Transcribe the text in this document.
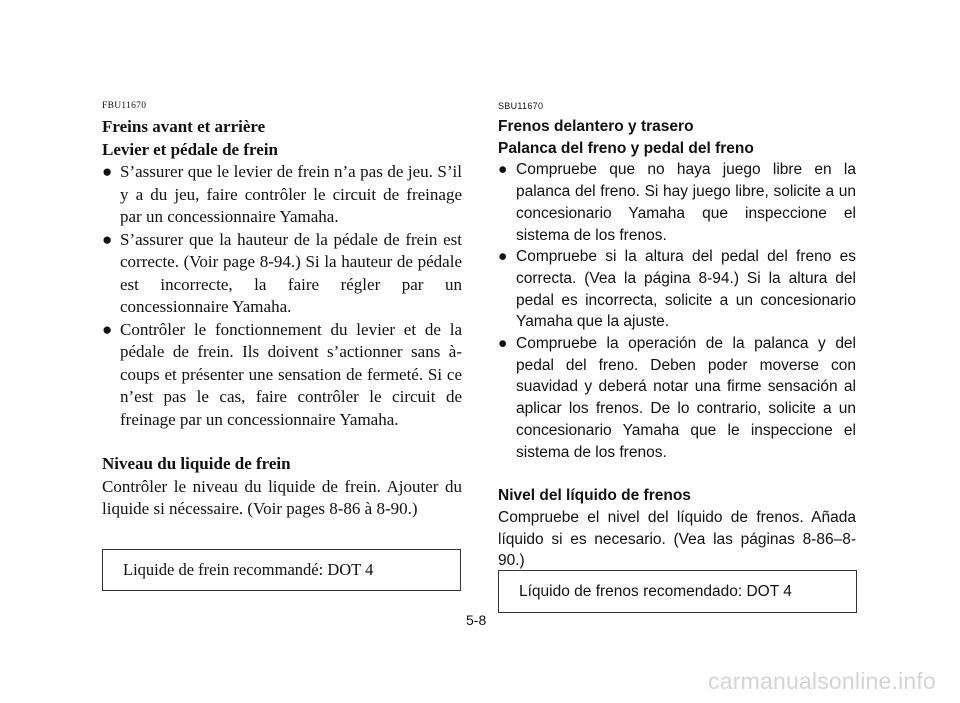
FBU11670
Freins avant et arrière
Levier et pédale de frein
● S’assurer que le levier de frein n’a pas de jeu. S’il y a du jeu, faire contrôler le circuit de freinage par un concessionnaire Yamaha.
● S’assurer que la hauteur de la pédale de frein est correcte. (Voir page 8-94.) Si la hauteur de pédale est incorrecte, la faire régler par un concessionnaire Yamaha.
● Contrôler le fonctionnement du levier et de la pédale de frein. Ils doivent s’actionner sans à-coups et présenter une sensation de fermeté. Si ce n’est pas le cas, faire contrôler le circuit de freinage par un concessionnaire Yamaha.
Niveau du liquide de frein

Contrôler le niveau du liquide de frein. Ajouter du liquide si nécessaire. (Voir pages 8-86 à 8-90.)

Liquide de frein recommandé: DOT 4
SBU11670
Frenos delantero y trasero
Palanca del freno y pedal del freno
● Compruebe que no haya juego libre en la palanca del freno. Si hay juego libre, solicite a un concesionario Yamaha que inspeccione el sistema de los frenos.
● Compruebe si la altura del pedal del freno es correcta. (Vea la página 8-94.) Si la altura del pedal es incorrecta, solicite a un concesionario Yamaha que la ajuste.
● Compruebe la operación de la palanca y del pedal del freno. Deben poder moverse con suavidad y deberá notar una firme sensación al aplicar los frenos. De lo contrario, solicite a un concesionario Yamaha que le inspeccione el sistema de los frenos.
Nivel del líquido de frenos

Compruebe el nivel del líquido de frenos. Añada líquido si es necesario. (Vea las páginas 8-86–8-90.)

Líquido de frenos recomendado: DOT 4
5-8
carmanualsonline.info
